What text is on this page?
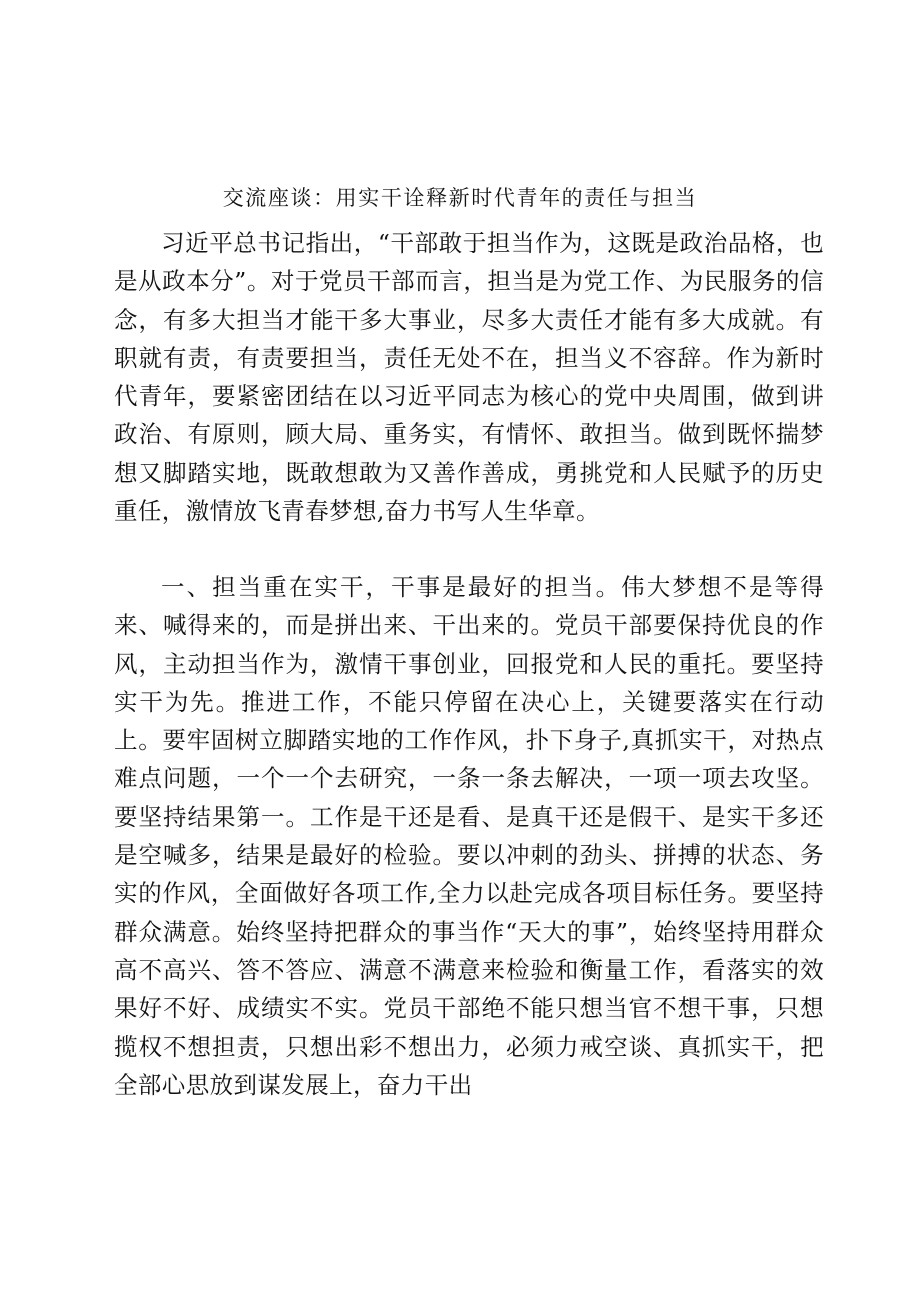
交流座谈：用实干诠释新时代青年的责任与担当

习近平总书记指出，“干部敢于担当作为，这既是政治品格，也是从政本分”。对于党员干部而言，担当是为党工作、为民服务的信念，有多大担当才能干多大事业，尽多大责任才能有多大成就。有职就有责，有责要担当，责任无处不在，担当义不容辞。作为新时代青年，要紧密团结在以习近平同志为核心的党中央周围，做到讲政治、有原则，顾大局、重务实，有情怀、敢担当。做到既怀揣梦想又脚踏实地，既敢想敢为又善作善成，勇挑党和人民赋予的历史重任，激情放飞青春梦想,奋力书写人生华章。

一、担当重在实干，干事是最好的担当。伟大梦想不是等得来、喊得来的，而是拼出来、干出来的。党员干部要保持优良的作风，主动担当作为，激情干事创业，回报党和人民的重托。要坚持实干为先。推进工作，不能只停留在决心上，关键要落实在行动上。要牢固树立脚踏实地的工作作风，扑下身子,真抓实干，对热点难点问题，一个一个去研究，一条一条去解决，一项一项去攻坚。要坚持结果第一。工作是干还是看、是真干还是假干、是实干多还是空喊多，结果是最好的检验。要以冲刺的劲头、拼搏的状态、务实的作风，全面做好各项工作,全力以赴完成各项目标任务。要坚持群众满意。始终坚持把群众的事当作“天大的事”，始终坚持用群众高不高兴、答不答应、满意不满意来检验和衡量工作，看落实的效果好不好、成绩实不实。党员干部绝不能只想当官不想干事，只想揽权不想担责，只想出彩不想出力，必须力戒空谈、真抓实干，把全部心思放到谋发展上，奋力干出
